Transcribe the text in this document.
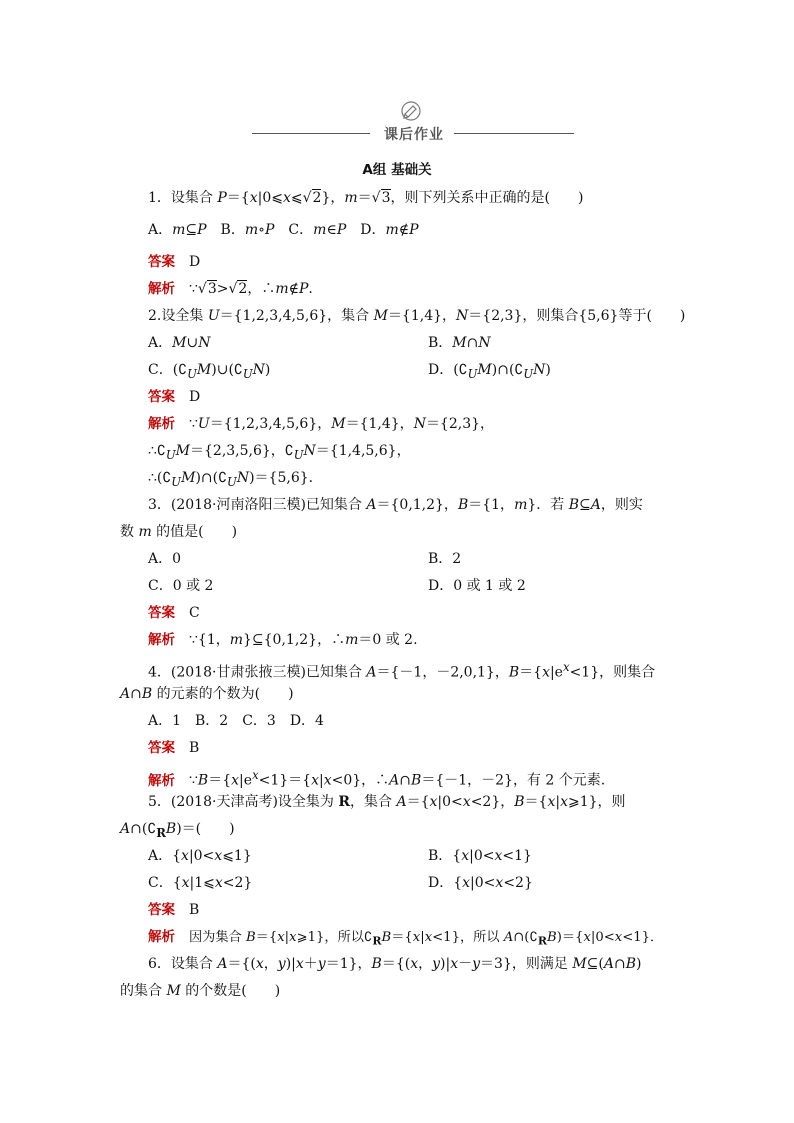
课后作业
A组 基础关
1．设集合 P＝{x|0⩽x⩽√2}，m＝√3，则下列关系中正确的是(　　)
A．m⊆P　B．m∘P　C．m∈P　D．m∉P
答案 D
解析 ∵√3>√2，∴m∉P.
2.设全集 U＝{1,2,3,4,5,6}，集合 M＝{1,4}，N＝{2,3}，则集合{5,6}等于(　　)
A．M∪N	B．M∩N
C．$(∁_UM)\cup(∁_UN)$	D．$(∁_UM)\cap(∁_UN)$
答案 D
解析 ∵U＝{1,2,3,4,5,6}，M＝{1,4}，N＝{2,3}，
$\therefore∁_UM=\{2,3,5,6\}$，$∁_UN=\{1,4,5,6\}$，
$\therefore(∁_UM)\cap(∁_UN)=\{5,6\}$．
3．(2018·河南洛阳三模)已知集合 A＝{0,1,2}，B＝{1，m}．若 B⊆A，则实
数 m 的值是(　　)
A．0	B．2
C．0 或 2	D．0 或 1 或 2
答案 C
解析 ∵{1，m}⊆{0,1,2}，∴m＝0 或 2.
4．(2018·甘肃张掖三模)已知集合 A＝{－1，－2,0,1}，$B=\{x|e^x<1\}$，则集合
A∩B 的元素的个数为(　　)
A．1　B．2　C．3　D．4
答案 B
解析 $\because B=\{x|e^x<1\}=\{x|x<0\}$，∴A∩B＝{－1，－2}，有 2 个元素.
5．(2018·天津高考)设全集为 R，集合 A＝{x|0<x<2}，B＝{x|x⩾1}，则
$A\cap(∁_RB)=$(　　)
A．{x|0<x⩽1}	B．{x|0<x<1}
C．{x|1⩽x<2}	D．{x|0<x<2}
答案 B
解析 因为集合 B＝{x|x⩾1}，所以$∁_RB=\{x|x<1\}$，所以 $A\cap(∁_RB)=\{x|0<x<1\}$．
6．设集合 A＝{(x，y)|x＋y＝1}，B＝{(x，y)|x－y＝3}，则满足 M⊆(A∩B)
的集合 M 的个数是(　　)
